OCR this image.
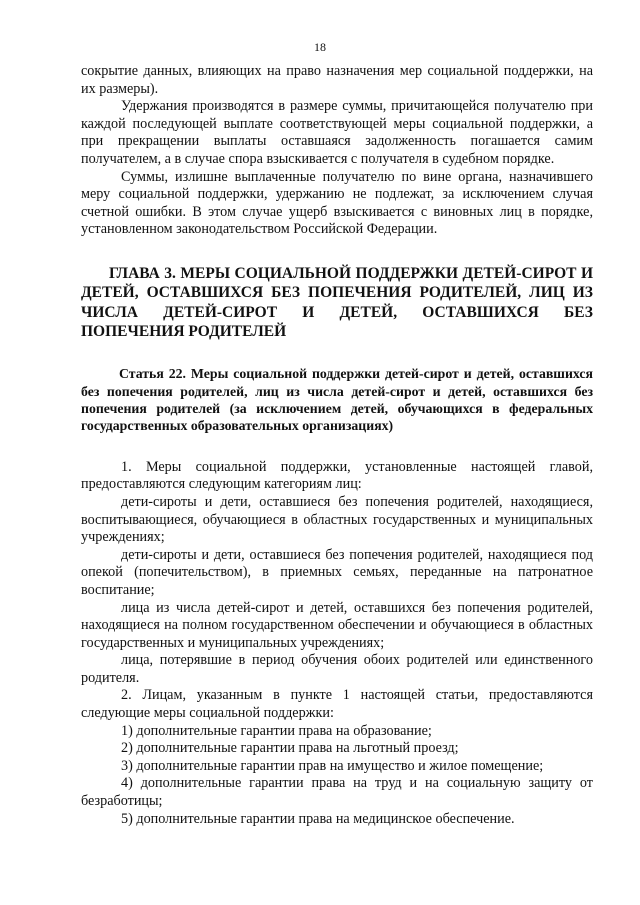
18

сокрытие данных, влияющих на право назначения мер социальной поддержки, на их размеры).

Удержания производятся в размере суммы, причитающейся получателю при каждой последующей выплате соответствующей меры социальной поддержки, а при прекращении выплаты оставшаяся задолженность погашается самим получателем, а в случае спора взыскивается с получателя в судебном порядке.

Суммы, излишне выплаченные получателю по вине органа, назначившего меру социальной поддержки, удержанию не подлежат, за исключением случая счетной ошибки. В этом случае ущерб взыскивается с виновных лиц в порядке, установленном законодательством Российской Федерации.

ГЛАВА 3. МЕРЫ СОЦИАЛЬНОЙ ПОДДЕРЖКИ ДЕТЕЙ-СИРОТ И ДЕТЕЙ, ОСТАВШИХСЯ БЕЗ ПОПЕЧЕНИЯ РОДИТЕЛЕЙ, ЛИЦ ИЗ ЧИСЛА ДЕТЕЙ-СИРОТ И ДЕТЕЙ, ОСТАВШИХСЯ БЕЗ ПОПЕЧЕНИЯ РОДИТЕЛЕЙ
Статья 22. Меры социальной поддержки детей-сирот и детей, оставшихся без попечения родителей, лиц из числа детей-сирот и детей, оставшихся без попечения родителей (за исключением детей, обучающихся в федеральных государственных образовательных организациях)

1. Меры социальной поддержки, установленные настоящей главой, предоставляются следующим категориям лиц:

дети-сироты и дети, оставшиеся без попечения родителей, находящиеся, воспитывающиеся, обучающиеся в областных государственных и муниципальных учреждениях;

дети-сироты и дети, оставшиеся без попечения родителей, находящиеся под опекой (попечительством), в приемных семьях, переданные на патронатное воспитание;

лица из числа детей-сирот и детей, оставшихся без попечения родителей, находящиеся на полном государственном обеспечении и обучающиеся в областных государственных и муниципальных учреждениях;

лица, потерявшие в период обучения обоих родителей или единственного родителя.

2. Лицам, указанным в пункте 1 настоящей статьи, предоставляются следующие меры социальной поддержки:

1) дополнительные гарантии права на образование;

2) дополнительные гарантии права на льготный проезд;

3) дополнительные гарантии прав на имущество и жилое помещение;

4) дополнительные гарантии права на труд и на социальную защиту от безработицы;

5) дополнительные гарантии права на медицинское обеспечение.
